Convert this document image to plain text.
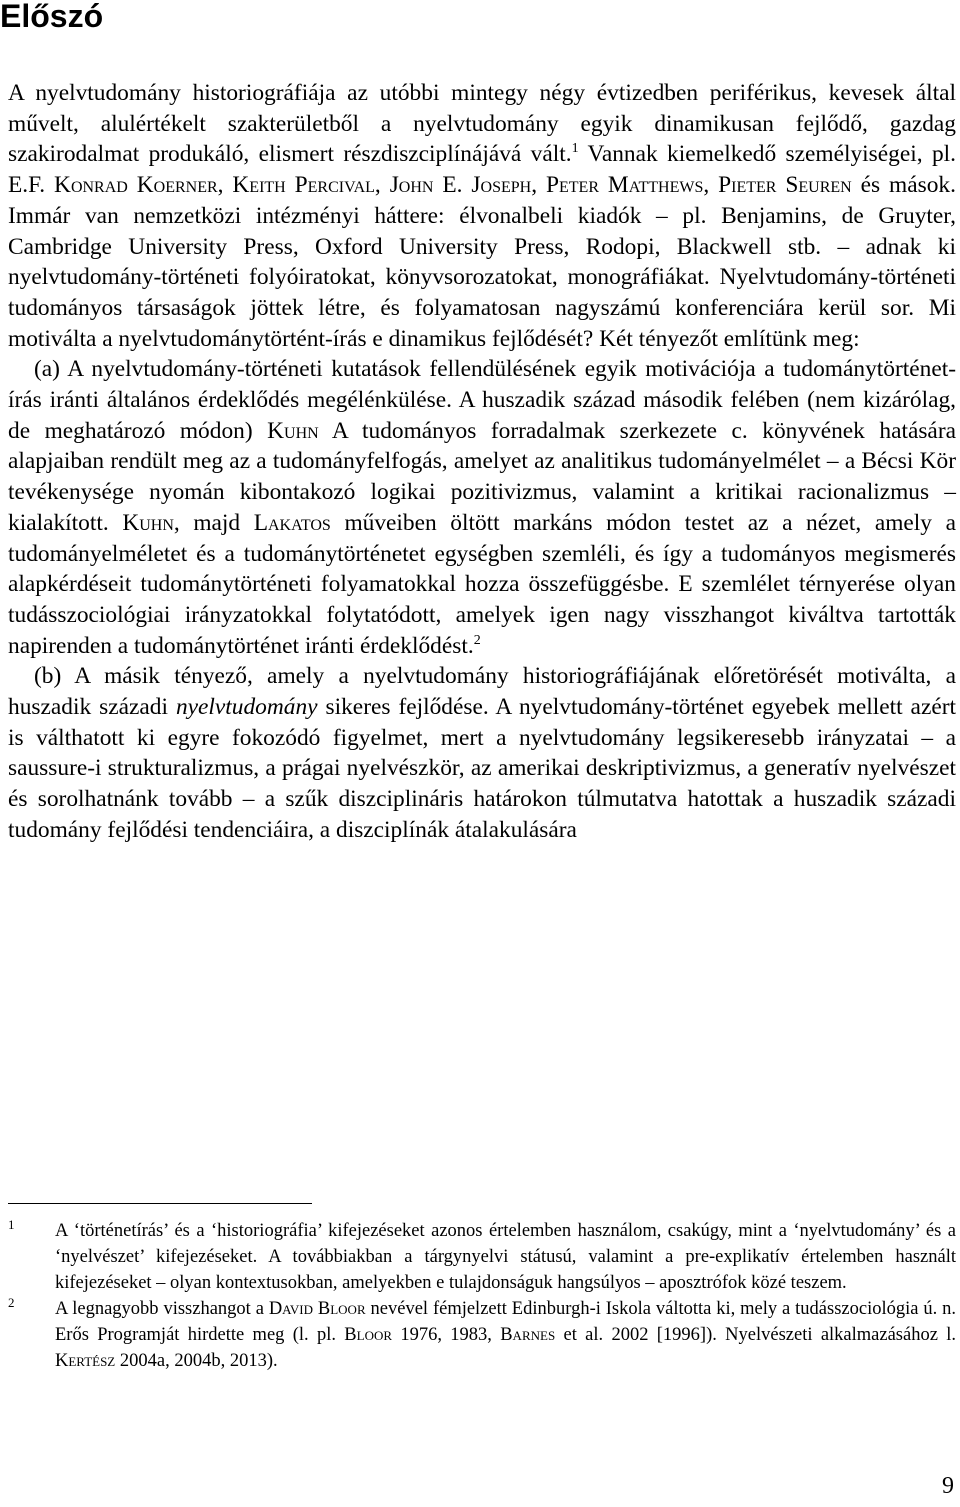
Előszó

A nyelvtudomány historiográfiája az utóbbi mintegy négy évtizedben periférikus, kevesek által művelt, alulértékelt szakterületből a nyelvtudomány egyik dinamikusan fejlődő, gazdag szakirodalmat produkáló, elismert részdiszciplínájává vált.$^1$ Vannak kiemelkedő személyiségei, pl. E.F. Konrad Koerner, Keith Percival, John E. Joseph, Peter Matthews, Pieter Seuren és mások. Immár van nemzetközi intézményi háttere: élvonalbeli kiadók – pl. Benjamins, de Gruyter, Cambridge University Press, Oxford University Press, Rodopi, Blackwell stb. – adnak ki nyelvtudomány-történeti folyóiratokat, könyvsorozatokat, monográfiákat. Nyelvtudomány-történeti tudományos társaságok jöttek létre, és folyamatosan nagyszámú konferenciára kerül sor. Mi motiválta a nyelvtudománytörtént-írás e dinamikus fejlődését? Két tényezőt említünk meg:

(a) A nyelvtudomány-történeti kutatások fellendülésének egyik motivációja a tudománytörténet-írás iránti általános érdeklődés megélénkülése. A huszadik század második felében (nem kizárólag, de meghatározó módon) Kuhn A tudományos forradalmak szerkezete c. könyvének hatására alapjaiban rendült meg az a tudományfelfogás, amelyet az analitikus tudományelmélet – a Bécsi Kör tevékenysége nyomán kibontakozó logikai pozitivizmus, valamint a kritikai racionalizmus – kialakított. Kuhn, majd Lakatos műveiben öltött markáns módon testet az a nézet, amely a tudományelméletet és a tudománytörténetet egységben szemléli, és így a tudományos megismerés alapkérdéseit tudománytörténeti folyamatokkal hozza összefüggésbe. E szemlélet térnyerése olyan tudásszociológiai irányzatokkal folytatódott, amelyek igen nagy visszhangot kiváltva tartották napirenden a tudománytörténet iránti érdeklődést.$^2$

(b) A másik tényező, amely a nyelvtudomány historiográfiájának előretörését motiválta, a huszadik századi nyelvtudomány sikeres fejlődése. A nyelvtudomány-történet egyebek mellett azért is válthatott ki egyre fokozódó figyelmet, mert a nyelvtudomány legsikeresebb irányzatai – a saussure-i strukturalizmus, a prágai nyelvészkör, az amerikai deskriptivizmus, a generatív nyelvészet és sorolhatnánk tovább – a szűk diszciplináris határokon túlmutatva hatottak a huszadik századi tudomány fejlődési tendenciáira, a diszciplínák átalakulására

1 A ‘történetírás’ és a ‘historiográfia’ kifejezéseket azonos értelemben használom, csakúgy, mint a ‘nyelvtudomány’ és a ‘nyelvészet’ kifejezéseket. A továbbiakban a tárgynyelvi státusú, valamint a pre-explikatív értelemben használt kifejezéseket – olyan kontextusokban, amelyekben e tulajdonságuk hangsúlyos – aposztrófok közé teszem.

2 A legnagyobb visszhangot a David Bloor nevével fémjelzett Edinburgh-i Iskola váltotta ki, mely a tudásszociológia ú. n. Erős Programját hirdette meg (l. pl. Bloor 1976, 1983, Barnes et al. 2002 [1996]). Nyelvészeti alkalmazásához l. Kertész 2004a, 2004b, 2013).

9
